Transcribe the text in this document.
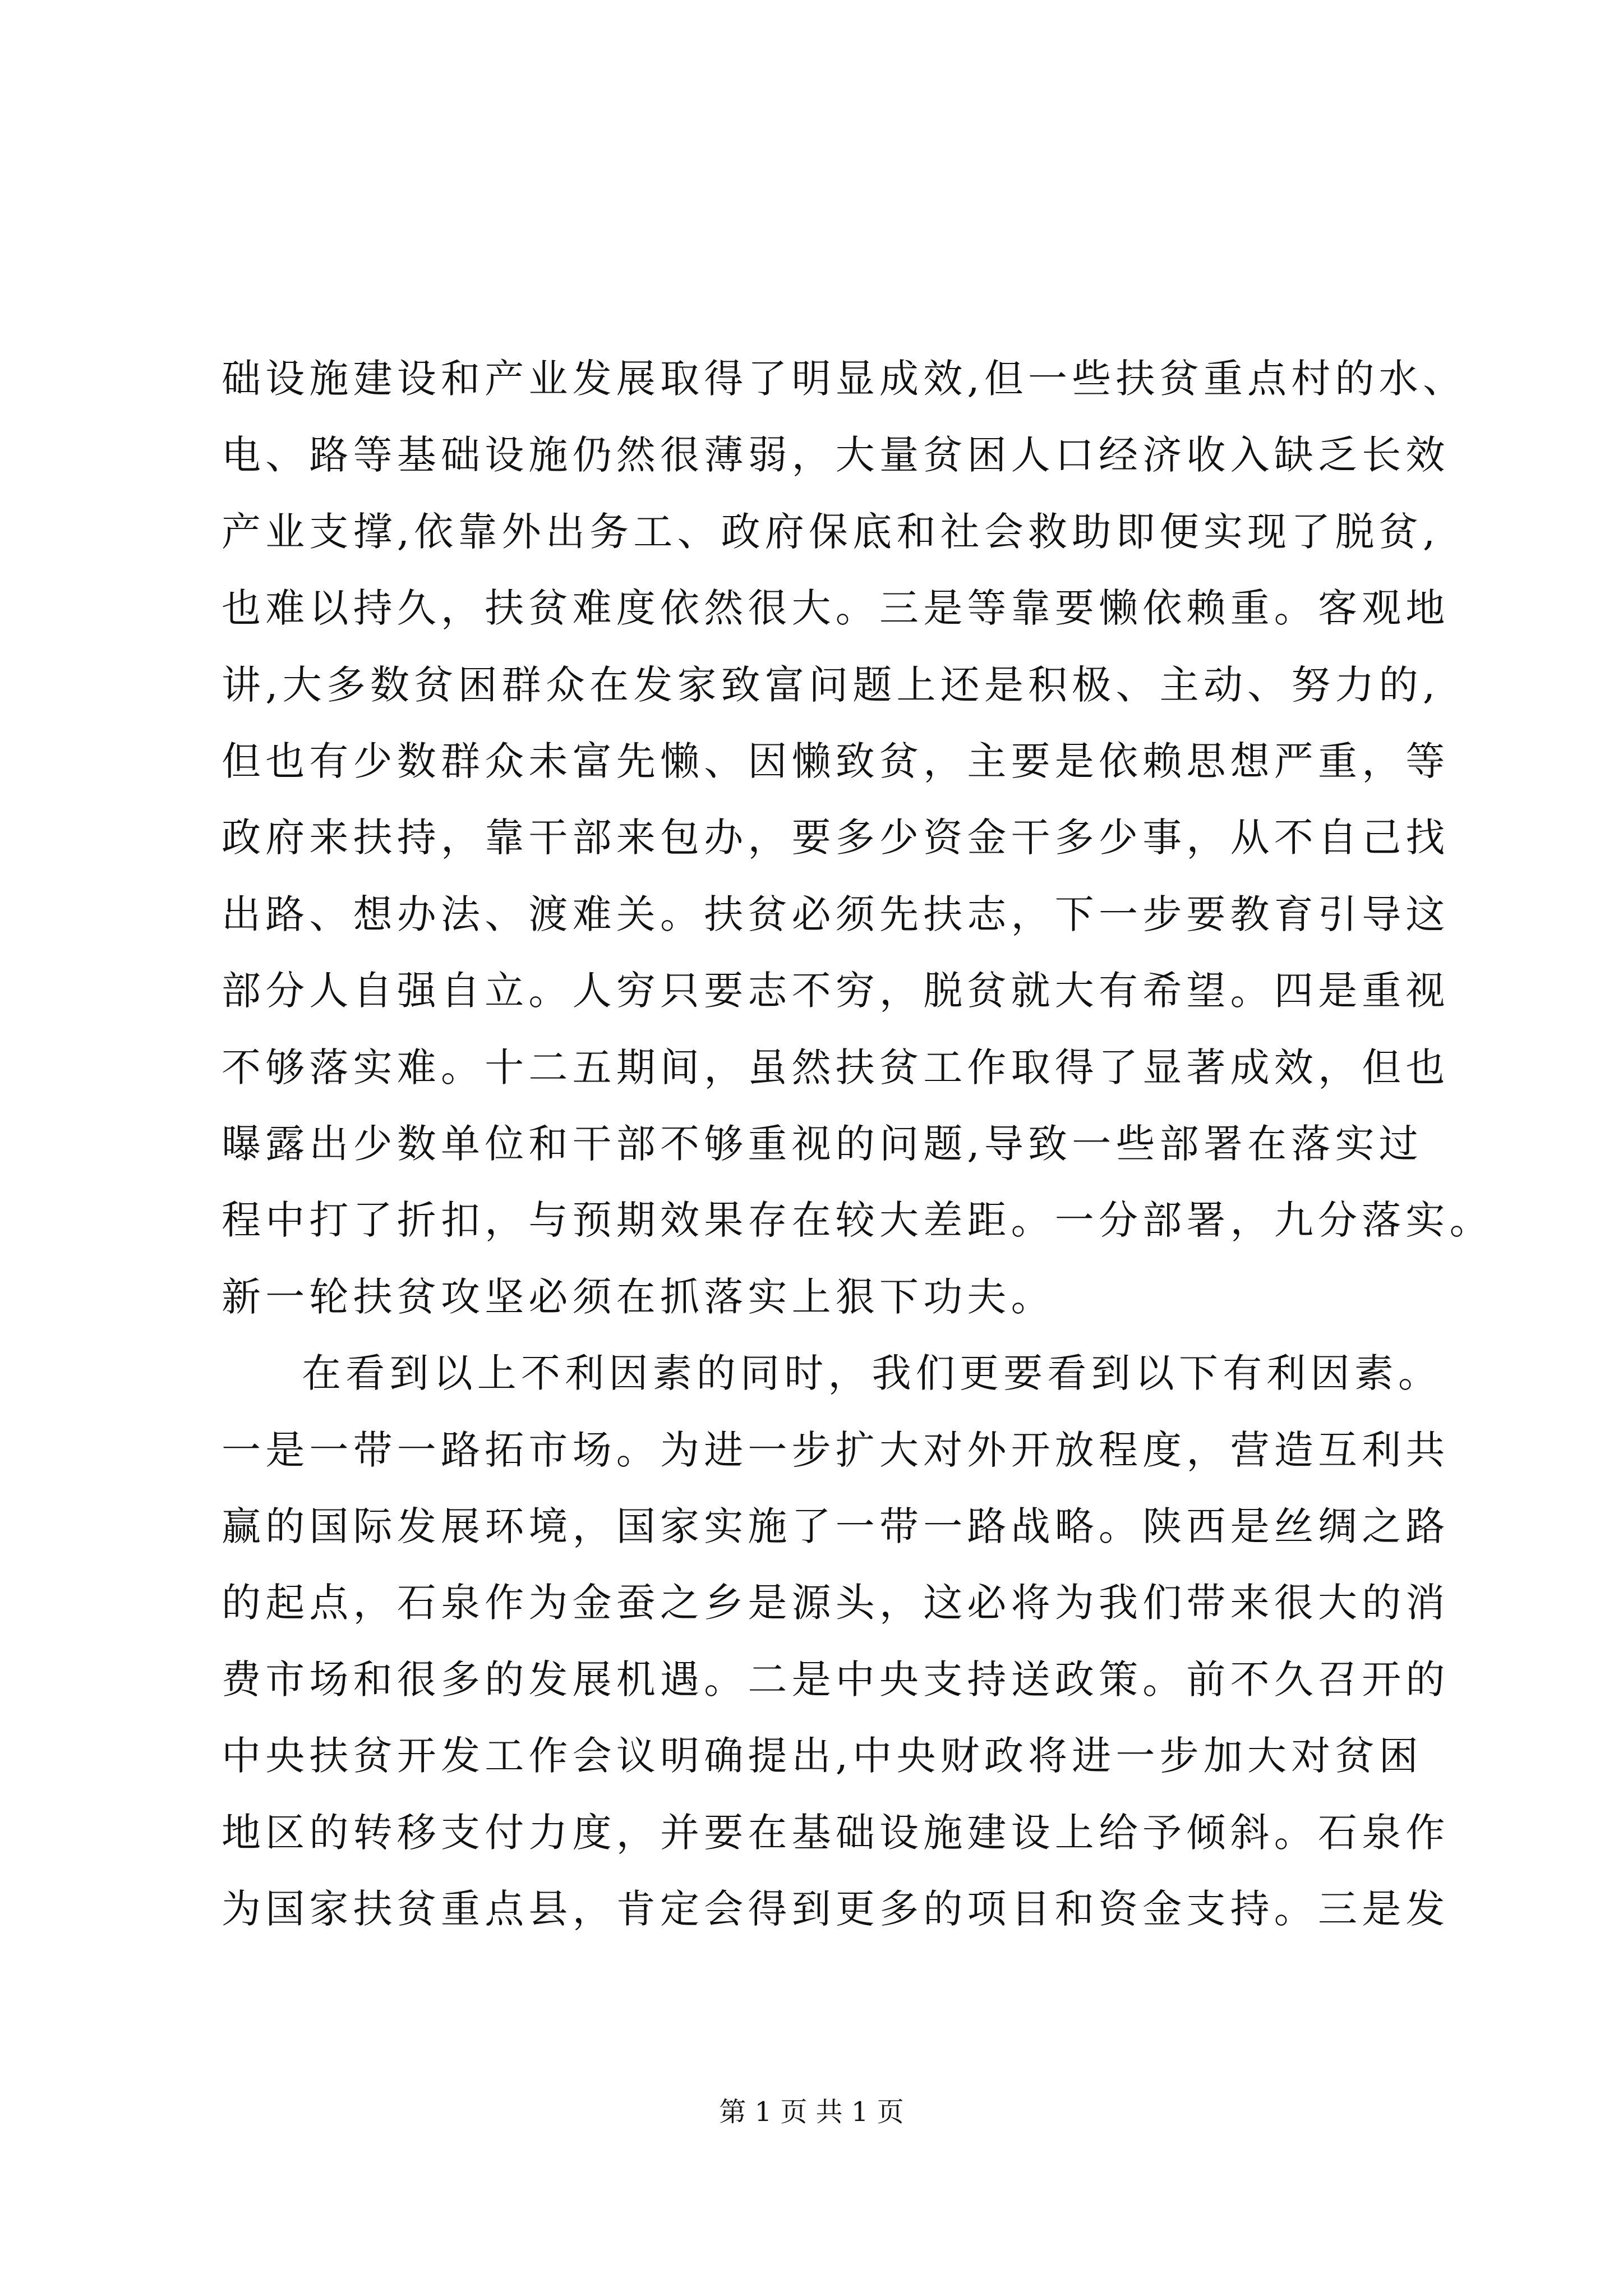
础设施建设和产业发展取得了明显成效,但一些扶贫重点村的水、
电、路等基础设施仍然很薄弱，大量贫困人口经济收入缺乏长效
产业支撑,依靠外出务工、政府保底和社会救助即便实现了脱贫,
也难以持久，扶贫难度依然很大。三是等靠要懒依赖重。客观地
讲,大多数贫困群众在发家致富问题上还是积极、主动、努力的,
但也有少数群众未富先懒、因懒致贫，主要是依赖思想严重，等
政府来扶持，靠干部来包办，要多少资金干多少事，从不自己找
出路、想办法、渡难关。扶贫必须先扶志，下一步要教育引导这
部分人自强自立。人穷只要志不穷，脱贫就大有希望。四是重视
不够落实难。十二五期间，虽然扶贫工作取得了显著成效，但也
曝露出少数单位和干部不够重视的问题,导致一些部署在落实过
程中打了折扣，与预期效果存在较大差距。一分部署，九分落实。
新一轮扶贫攻坚必须在抓落实上狠下功夫。
在看到以上不利因素的同时，我们更要看到以下有利因素。
一是一带一路拓市场。为进一步扩大对外开放程度，营造互利共
赢的国际发展环境，国家实施了一带一路战略。陕西是丝绸之路
的起点，石泉作为金蚕之乡是源头，这必将为我们带来很大的消
费市场和很多的发展机遇。二是中央支持送政策。前不久召开的
中央扶贫开发工作会议明确提出,中央财政将进一步加大对贫困
地区的转移支付力度，并要在基础设施建设上给予倾斜。石泉作
为国家扶贫重点县，肯定会得到更多的项目和资金支持。三是发
第 1 页 共 1 页
